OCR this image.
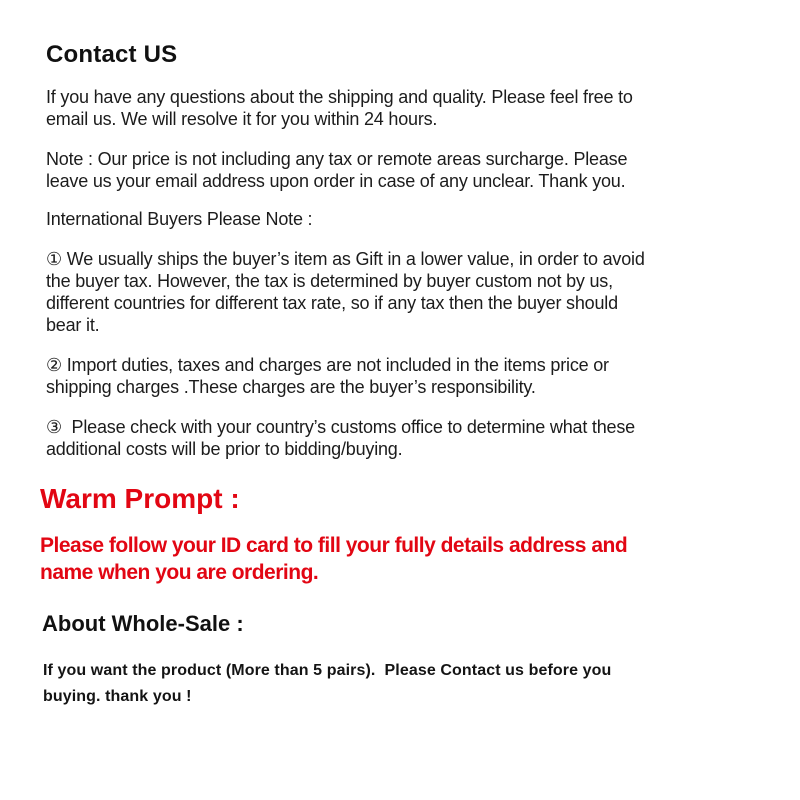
Contact US

If you have any questions about the shipping and quality. Please feel free to
email us. We will resolve it for you within 24 hours.

Note : Our price is not including any tax or remote areas surcharge. Please
leave us your email address upon order in case of any unclear. Thank you.

International Buyers Please Note :

① We usually ships the buyer’s item as Gift in a lower value, in order to avoid
the buyer tax. However, the tax is determined by buyer custom not by us,
different countries for different tax rate, so if any tax then the buyer should
bear it.

② Import duties, taxes and charges are not included in the items price or
shipping charges .These charges are the buyer’s responsibility.

③  Please check with your country’s customs office to determine what these
additional costs will be prior to bidding/buying.

Warm Prompt :

Please follow your ID card to fill your fully details address and
name when you are ordering.

About Whole-Sale :

If you want the product (More than 5 pairs).  Please Contact us before you
buying. thank you !
